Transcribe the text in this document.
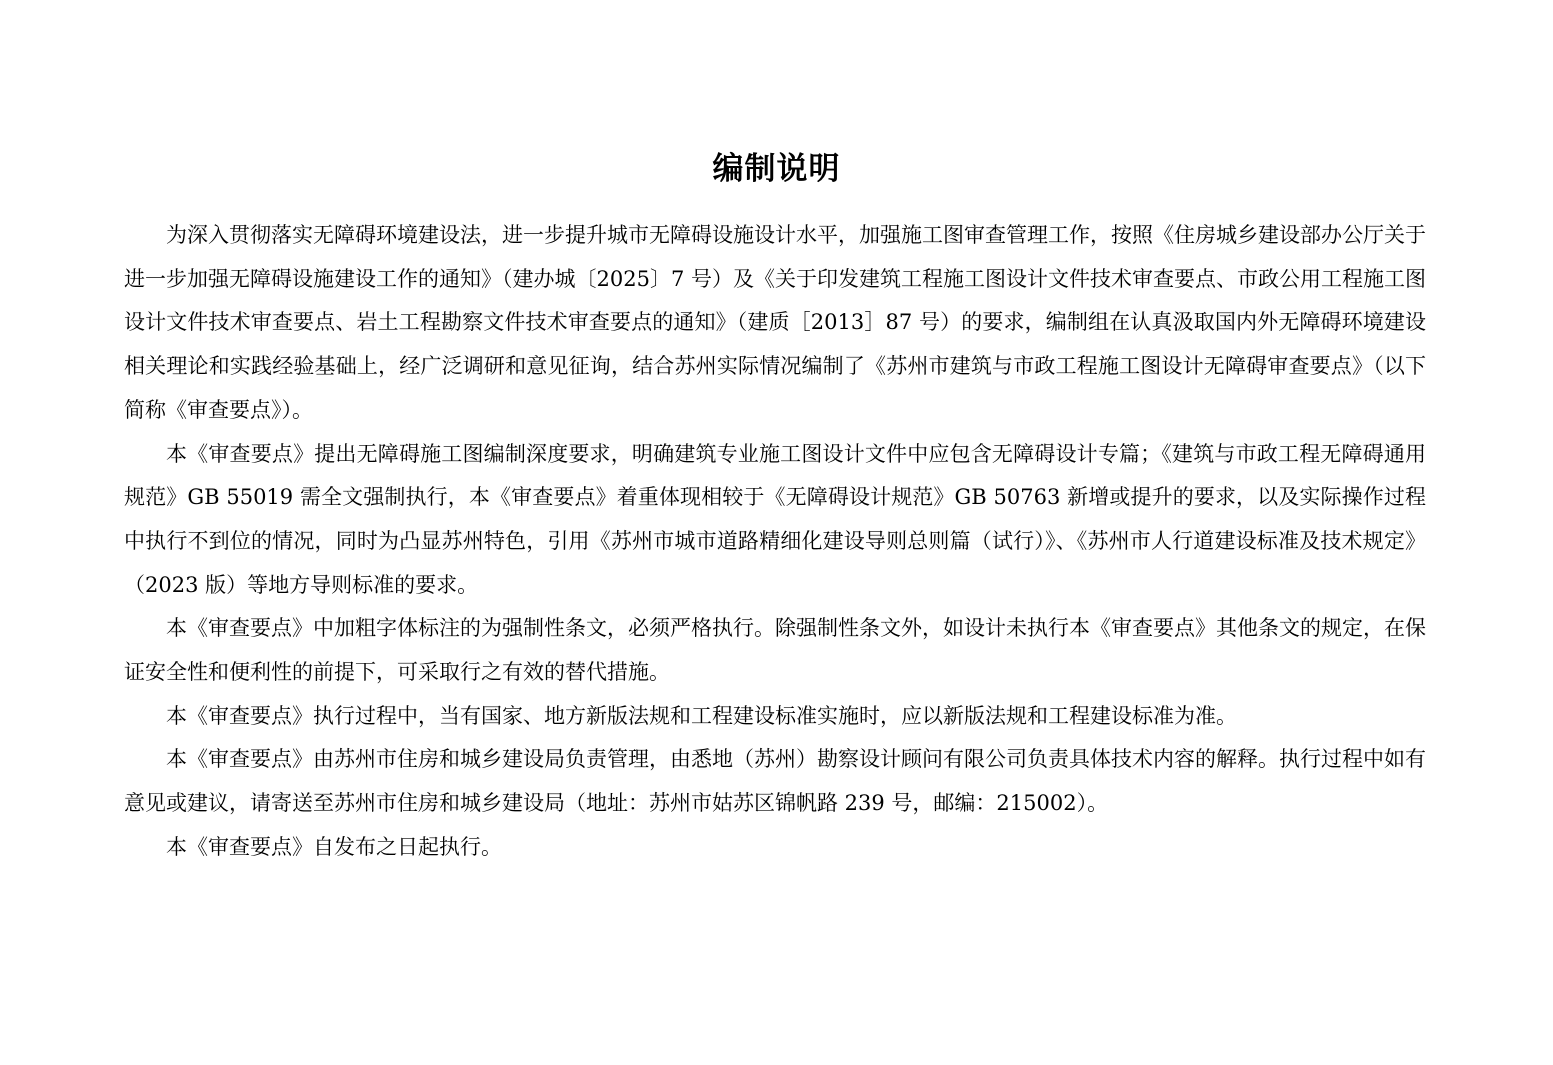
编制说明

为深入贯彻落实无障碍环境建设法，进一步提升城市无障碍设施设计水平，加强施工图审查管理工作，按照《住房城乡建设部办公厅关于进一步加强无障碍设施建设工作的通知》（建办城〔2025〕7 号）及《关于印发建筑工程施工图设计文件技术审查要点、市政公用工程施工图设计文件技术审查要点、岩土工程勘察文件技术审查要点的通知》（建质［2013］87 号）的要求，编制组在认真汲取国内外无障碍环境建设相关理论和实践经验基础上，经广泛调研和意见征询，结合苏州实际情况编制了《苏州市建筑与市政工程施工图设计无障碍审查要点》（以下简称《审查要点》）。

本《审查要点》提出无障碍施工图编制深度要求，明确建筑专业施工图设计文件中应包含无障碍设计专篇；《建筑与市政工程无障碍通用规范》GB 55019 需全文强制执行，本《审查要点》着重体现相较于《无障碍设计规范》GB 50763 新增或提升的要求，以及实际操作过程中执行不到位的情况，同时为凸显苏州特色，引用《苏州市城市道路精细化建设导则总则篇（试行）》、《苏州市人行道建设标准及技术规定》（2023 版）等地方导则标准的要求。

本《审查要点》中加粗字体标注的为强制性条文，必须严格执行。除强制性条文外，如设计未执行本《审查要点》其他条文的规定，在保证安全性和便利性的前提下，可采取行之有效的替代措施。

本《审查要点》执行过程中，当有国家、地方新版法规和工程建设标准实施时，应以新版法规和工程建设标准为准。

本《审查要点》由苏州市住房和城乡建设局负责管理，由悉地（苏州）勘察设计顾问有限公司负责具体技术内容的解释。执行过程中如有意见或建议，请寄送至苏州市住房和城乡建设局（地址：苏州市姑苏区锦帆路 239 号，邮编：215002）。

本《审查要点》自发布之日起执行。
